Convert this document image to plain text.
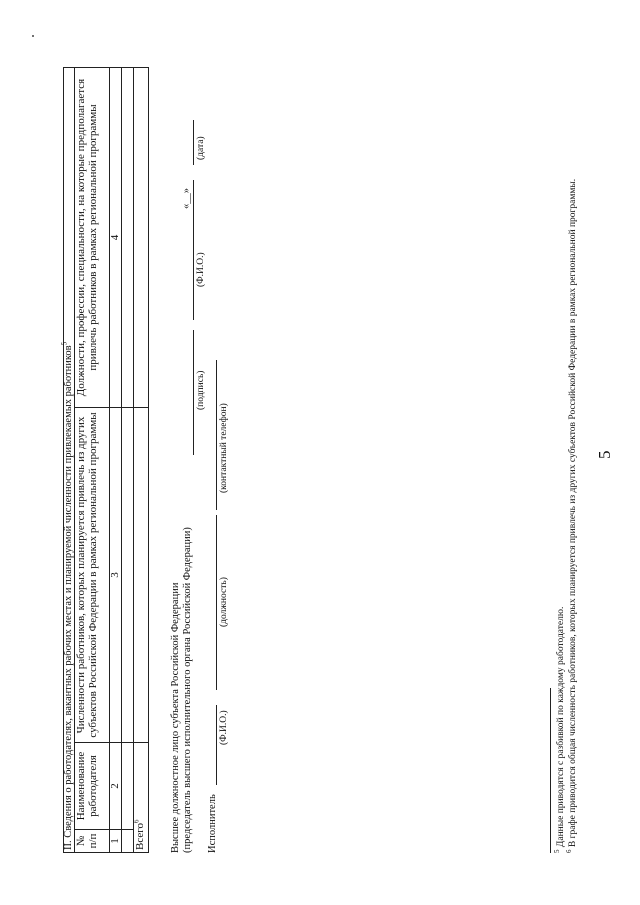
5
II. Сведения о работодателях, вакантных рабочих местах и планируемой численности привлекаемых работников$^5$
№ п/п	Наименование работодателя	Численности работников, которых планируется привлечь из других субъектов Российской Федерации в рамках региональной программы	Должности, профессии, специальности, на которые предполагается привлечь работников в рамках региональной программы
1	2	3	4

Всего$^6$			Высшее должностное лицо субъекта Российской Федерации (председатель высшего исполнительного органа Российской Федерации)
(подпись)
(Ф.И.О.)
«__»
(дата)
Исполнитель
(Ф.И.О.)
(должность)
(контактный телефон)
$^5$ Данные приводятся с разбивкой по каждому работодателю.
$^6$ В графе приводится общая численность работников, которых планируется привлечь из других субъектов Российской Федерации в рамках региональной программы.
